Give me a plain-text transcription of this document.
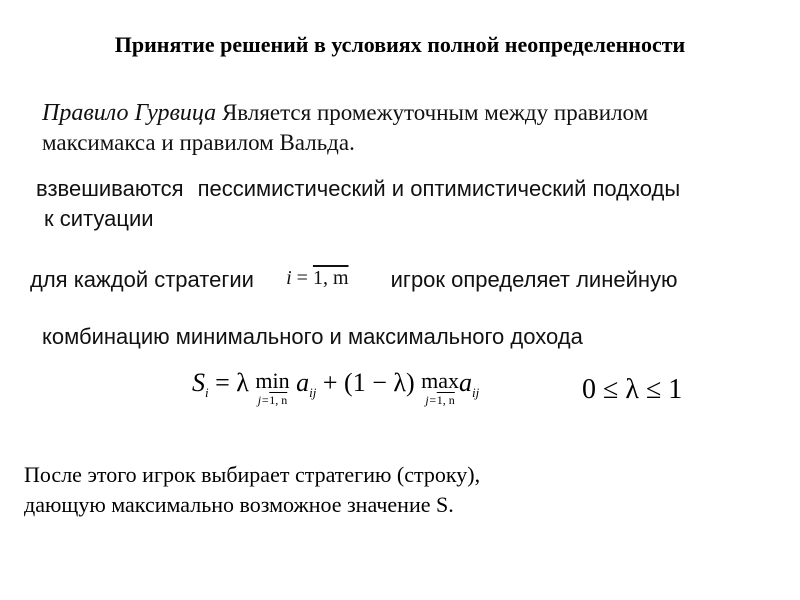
Принятие решений в условиях полной неопределенности
Правило Гурвица Является промежуточным между правилом максимакса и правилом Вальда.
взвешиваются пессимистический и оптимистический подходы
к ситуации
для каждой стратегии i = 1, m игрок определяет линейную
комбинацию минимального и максимального дохода
$S_i = \lambda$ min
j=1, n
$a_{ij} + (1 - \lambda)$ max
j=1, n
$a_{ij}$	0 ≤ λ ≤ 1
После этого игрок выбирает стратегию (строку),
дающую максимально возможное значение S.
